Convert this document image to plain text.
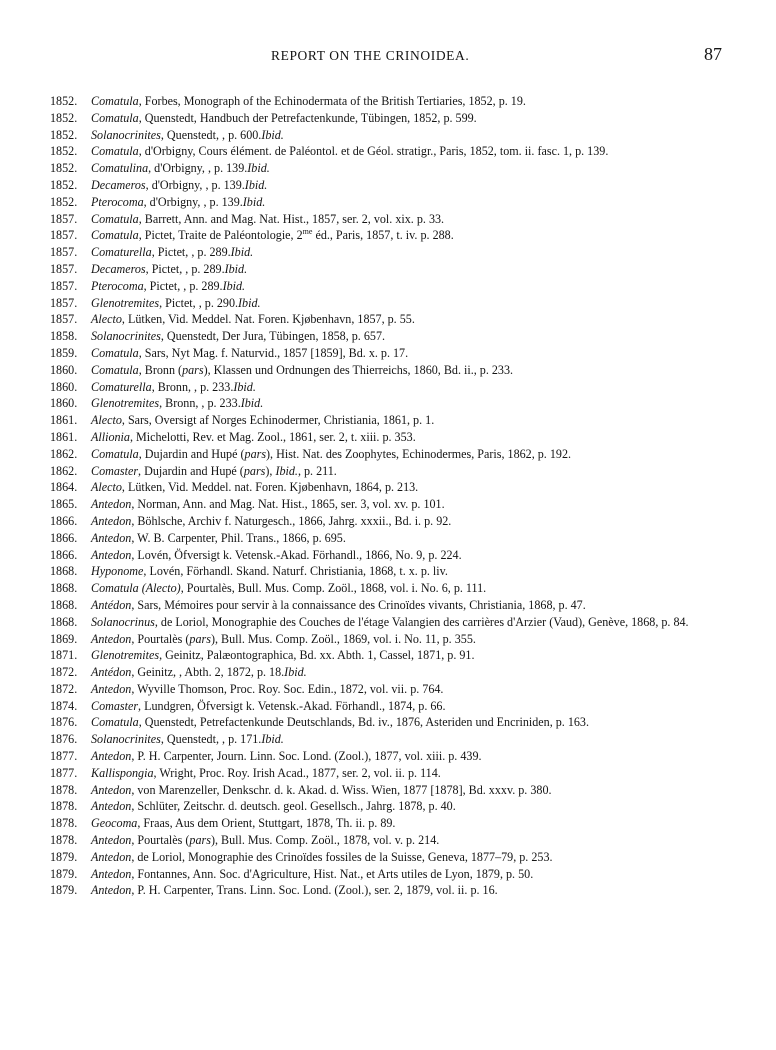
REPORT ON THE CRINOIDEA.	87
1852. Comatula, Forbes, Monograph of the Echinodermata of the British Tertiaries, 1852, p. 19.
1852. Comatula, Quenstedt, Handbuch der Petrefactenkunde, Tübingen, 1852, p. 599.
1852. Solanocrinites, Quenstedt, , p. 600.Ibid.
1852. Comatula, d'Orbigny, Cours élément. de Paléontol. et de Géol. stratigr., Paris, 1852, tom. ii. fasc. 1, p. 139.
1852. Comatulina, d'Orbigny, , p. 139.Ibid.
1852. Decameros, d'Orbigny, , p. 139.Ibid.
1852. Pterocoma, d'Orbigny, , p. 139.Ibid.
1857. Comatula, Barrett, Ann. and Mag. Nat. Hist., 1857, ser. 2, vol. xix. p. 33.
1857. Comatula, Pictet, Traite de Paléontologie, $2^{me}$ éd., Paris, 1857, t. iv. p. 288.
1857. Comaturella, Pictet, , p. 289.Ibid.
1857. Decameros, Pictet, , p. 289.Ibid.
1857. Pterocoma, Pictet, , p. 289.Ibid.
1857. Glenotremites, Pictet, , p. 290.Ibid.
1857. Alecto, Lütken, Vid. Meddel. Nat. Foren. Kjøbenhavn, 1857, p. 55.
1858. Solanocrinites, Quenstedt, Der Jura, Tübingen, 1858, p. 657.
1859. Comatula, Sars, Nyt Mag. f. Naturvid., 1857 [1859], Bd. x. p. 17.
1860. Comatula, Bronn (pars), Klassen und Ordnungen des Thierreichs, 1860, Bd. ii., p. 233.
1860. Comaturella, Bronn, , p. 233.Ibid.
1860. Glenotremites, Bronn, , p. 233.Ibid.
1861. Alecto, Sars, Oversigt af Norges Echinodermer, Christiania, 1861, p. 1.
1861. Allionia, Michelotti, Rev. et Mag. Zool., 1861, ser. 2, t. xiii. p. 353.
1862. Comatula, Dujardin and Hupé (pars), Hist. Nat. des Zoophytes, Echinodermes, Paris, 1862, p. 192.
1862. Comaster, Dujardin and Hupé (pars), Ibid., p. 211.
1864. Alecto, Lütken, Vid. Meddel. nat. Foren. Kjøbenhavn, 1864, p. 213.
1865. Antedon, Norman, Ann. and Mag. Nat. Hist., 1865, ser. 3, vol. xv. p. 101.
1866. Antedon, Böhlsche, Archiv f. Naturgesch., 1866, Jahrg. xxxii., Bd. i. p. 92.
1866. Antedon, W. B. Carpenter, Phil. Trans., 1866, p. 695.
1866. Antedon, Lovén, Öfversigt k. Vetensk.-Akad. Förhandl., 1866, No. 9, p. 224.
1868. Hyponome, Lovén, Förhandl. Skand. Naturf. Christiania, 1868, t. x. p. liv.
1868. Comatula (Alecto), Pourtalès, Bull. Mus. Comp. Zoöl., 1868, vol. i. No. 6, p. 111.
1868. Antédon, Sars, Mémoires pour servir à la connaissance des Crinoïdes vivants, Christiania, 1868, p. 47.
1868. Solanocrinus, de Loriol, Monographie des Couches de l'étage Valangien des carrières d'Arzier (Vaud), Genève, 1868, p. 84.
1869. Antedon, Pourtalès (pars), Bull. Mus. Comp. Zoöl., 1869, vol. i. No. 11, p. 355.
1871. Glenotremites, Geinitz, Palæontographica, Bd. xx. Abth. 1, Cassel, 1871, p. 91.
1872. Antédon, Geinitz, , Abth. 2, 1872, p. 18.Ibid.
1872. Antedon, Wyville Thomson, Proc. Roy. Soc. Edin., 1872, vol. vii. p. 764.
1874. Comaster, Lundgren, Öfversigt k. Vetensk.-Akad. Förhandl., 1874, p. 66.
1876. Comatula, Quenstedt, Petrefactenkunde Deutschlands, Bd. iv., 1876, Asteriden und Encriniden, p. 163.
1876. Solanocrinites, Quenstedt, , p. 171.Ibid.
1877. Antedon, P. H. Carpenter, Journ. Linn. Soc. Lond. (Zool.), 1877, vol. xiii. p. 439.
1877. Kallispongia, Wright, Proc. Roy. Irish Acad., 1877, ser. 2, vol. ii. p. 114.
1878. Antedon, von Marenzeller, Denkschr. d. k. Akad. d. Wiss. Wien, 1877 [1878], Bd. xxxv. p. 380.
1878. Antedon, Schlüter, Zeitschr. d. deutsch. geol. Gesellsch., Jahrg. 1878, p. 40.
1878. Geocoma, Fraas, Aus dem Orient, Stuttgart, 1878, Th. ii. p. 89.
1878. Antedon, Pourtalès (pars), Bull. Mus. Comp. Zoöl., 1878, vol. v. p. 214.
1879. Antedon, de Loriol, Monographie des Crinoïdes fossiles de la Suisse, Geneva, 1877–79, p. 253.
1879. Antedon, Fontannes, Ann. Soc. d'Agriculture, Hist. Nat., et Arts utiles de Lyon, 1879, p. 50.
1879. Antedon, P. H. Carpenter, Trans. Linn. Soc. Lond. (Zool.), ser. 2, 1879, vol. ii. p. 16.
